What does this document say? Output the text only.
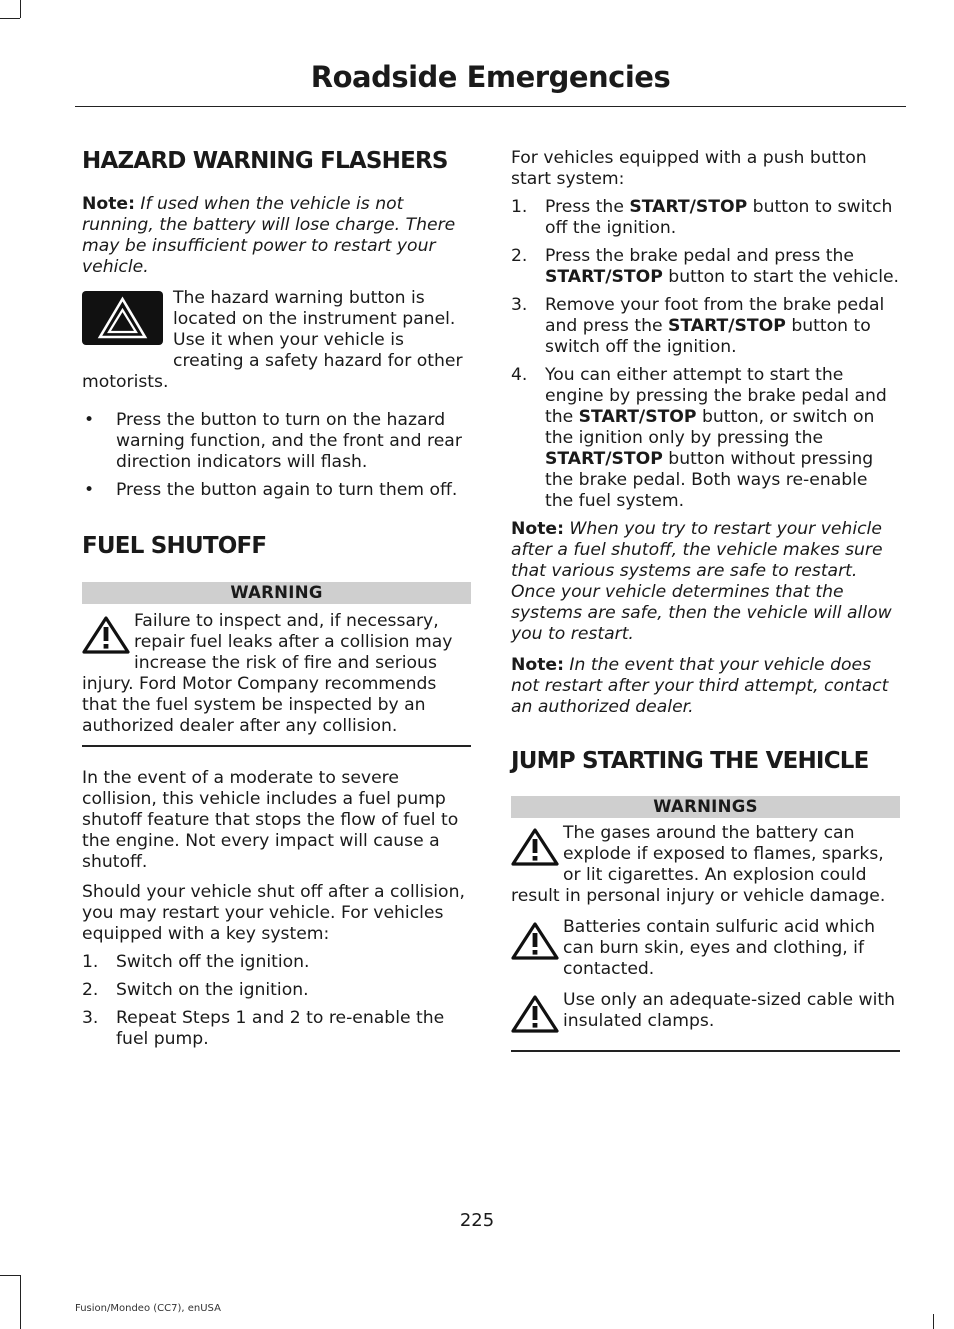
Roadside Emergencies
HAZARD WARNING FLASHERS

Note: If used when the vehicle is not running, the battery will lose charge. There may be insufficient power to restart your vehicle.

The hazard warning button is located on the instrument panel. Use it when your vehicle is creating a safety hazard for other motorists.
• Press the button to turn on the hazard warning function, and the front and rear direction indicators will flash.
• Press the button again to turn them off.
FUEL SHUTOFF
WARNING
Failure to inspect and, if necessary, repair fuel leaks after a collision may increase the risk of fire and serious injury. Ford Motor Company recommends that the fuel system be inspected by an authorized dealer after any collision.

In the event of a moderate to severe collision, this vehicle includes a fuel pump shutoff feature that stops the flow of fuel to the engine. Not every impact will cause a shutoff.

Should your vehicle shut off after a collision, you may restart your vehicle. For vehicles equipped with a key system:

1. Switch off the ignition.
2. Switch on the ignition.
3. Repeat Steps 1 and 2 to re-enable the fuel pump.

For vehicles equipped with a push button start system:

1. Press the START/STOP button to switch off the ignition.
2. Press the brake pedal and press the START/STOP button to start the vehicle.
3. Remove your foot from the brake pedal and press the START/STOP button to switch off the ignition.
4. You can either attempt to start the engine by pressing the brake pedal and the START/STOP button, or switch on the ignition only by pressing the START/STOP button without pressing the brake pedal. Both ways re-enable the fuel system.

Note: When you try to restart your vehicle after a fuel shutoff, the vehicle makes sure that various systems are safe to restart. Once your vehicle determines that the systems are safe, then the vehicle will allow you to restart.

Note: In the event that your vehicle does not restart after your third attempt, contact an authorized dealer.

JUMP STARTING THE VEHICLE
WARNINGS
The gases around the battery can explode if exposed to flames, sparks, or lit cigarettes. An explosion could result in personal injury or vehicle damage.
Batteries contain sulfuric acid which can burn skin, eyes and clothing, if contacted.
Use only an adequate-sized cable with insulated clamps.
225
Fusion/Mondeo (CC7), enUSA
